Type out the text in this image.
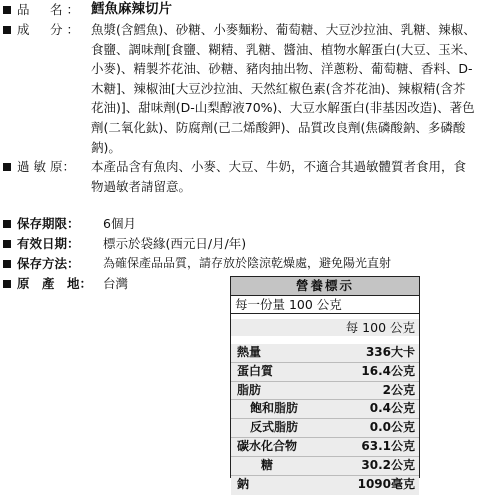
品　名： 鱈魚麻辣切片
成　分： 魚漿(含鱈魚)、砂糖、小麥麵粉、葡萄糖、大豆沙拉油、乳糖、辣椒、食鹽、調味劑[食鹽、糊精、乳糖、醬油、植物水解蛋白(大豆、玉米、小麥)、精製芥花油、砂糖、豬肉抽出物、洋蔥粉、葡萄糖、香料、D-木糖]、辣椒油[大豆沙拉油、天然紅椒色素(含芥花油)、辣椒精(含芥花油)]、甜味劑(D-山梨醇液70%)、大豆水解蛋白(非基因改造)、著色劑(二氧化鈦)、防腐劑(己二烯酸鉀)、品質改良劑(焦磷酸鈉、多磷酸鈉)。
過 敏 原： 本產品含有魚肉、小麥、大豆、牛奶，不適合其過敏體質者食用，食物過敏者請留意。
保存期限： 6個月
有效日期： 標示於袋緣(西元日/月/年)
保存方法： 為確保產品品質，請存放於陰涼乾燥處，避免陽光直射
原　產　地： 台灣	營養標示
每一份量 100 公克
每 100 公克
熱量	336大卡
蛋白質	16.4公克
脂肪	2公克
飽和脂肪	0.4公克
反式脂肪	0.0公克
碳水化合物	63.1公克
糖	30.2公克
鈉	1090毫克
